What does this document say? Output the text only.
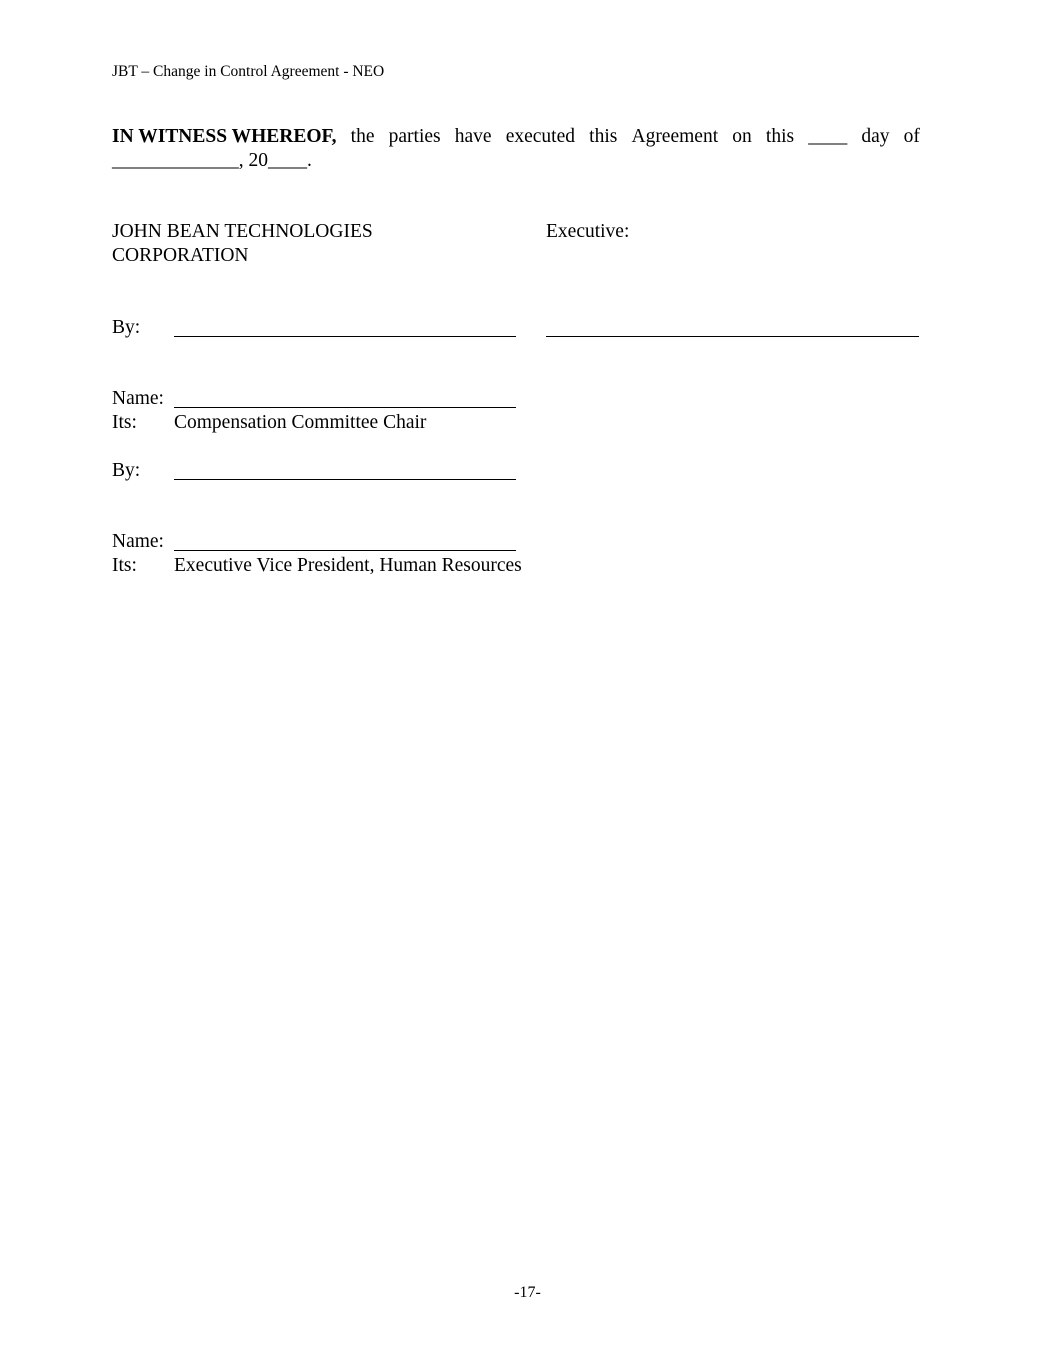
JBT – Change in Control Agreement - NEO
IN WITNESS WHEREOF, the parties have executed this Agreement on this ____ day of
_____________, 20____.
JOHN BEAN TECHNOLOGIES
CORPORATION
Executive:
By:
Name:
Its: Compensation Committee Chair
By:
Name:
Its: Executive Vice President, Human Resources
-17-
